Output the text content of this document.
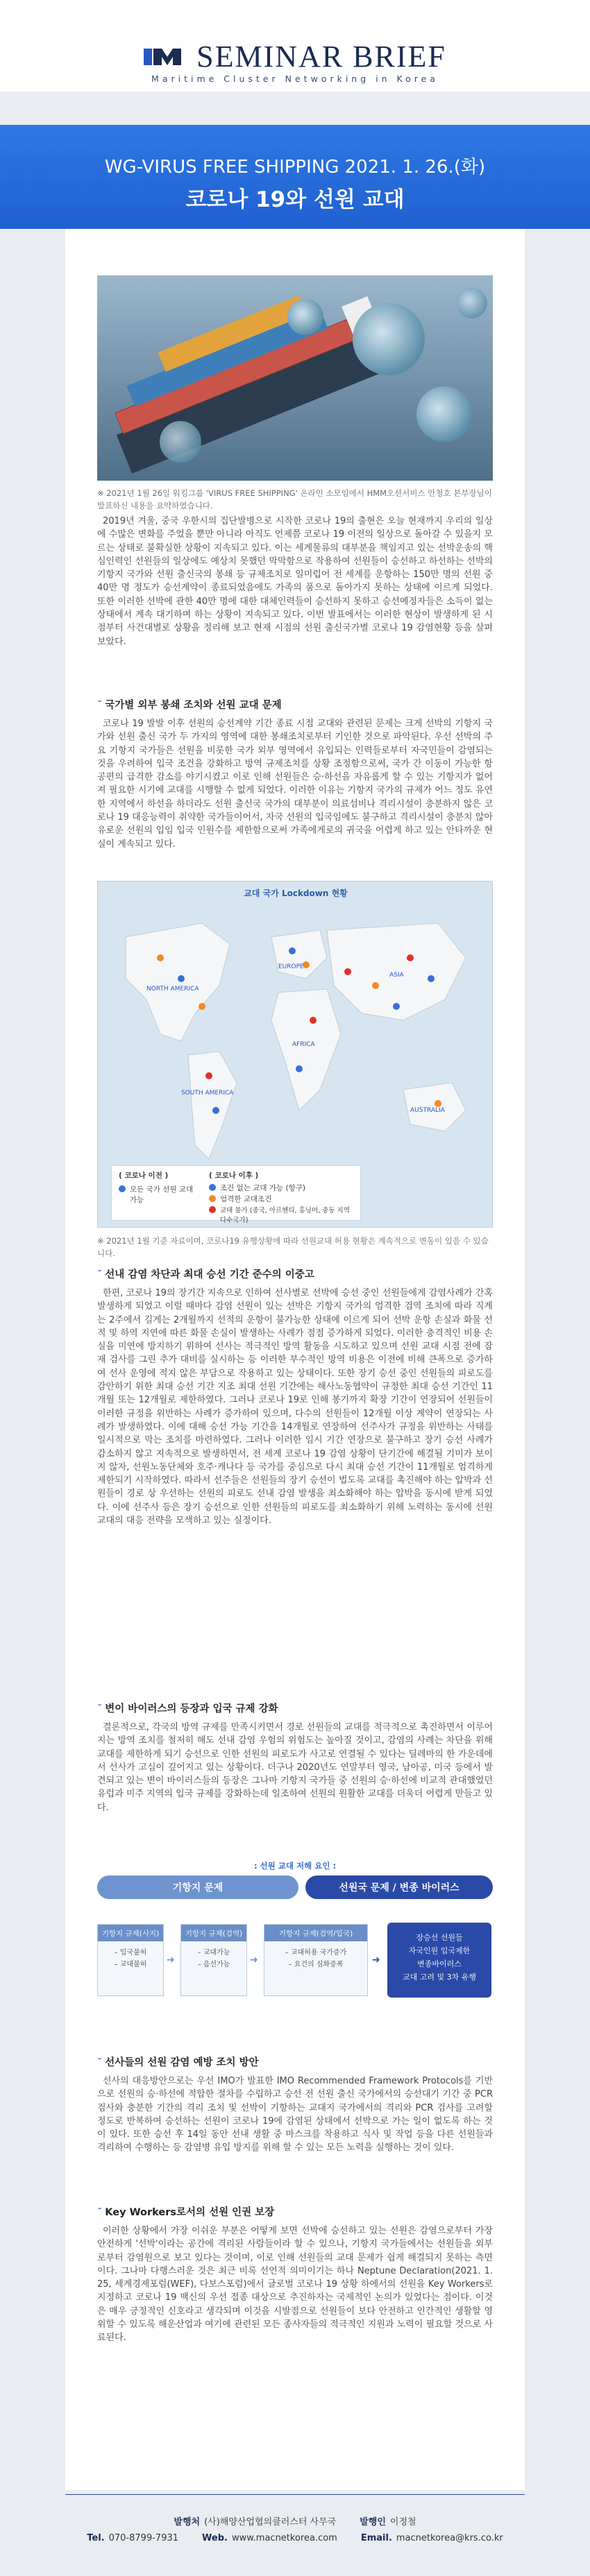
SEMINAR BRIEF
Maritime Cluster Networking in Korea
WG-VIRUS FREE SHIPPING 2021. 1. 26.(화)
코로나 19와 선원 교대
※ 2021년 1월 26일 워킹그룹 'VIRUS FREE SHIPPING' 온라인 소모임에서 HMM오션서비스 안청호 본부장님이 발표하신 내용을 요약하였습니다.

2019년 겨울, 중국 우한시의 집단발병으로 시작한 코로나 19의 출현은 오늘 현재까지 우리의 일상에 수많은 변화를 주었을 뿐만 아니라 아직도 언제쯤 코로나 19 이전의 일상으로 돌아갈 수 있을지 모르는 상태로 불확실한 상황이 지속되고 있다. 이는 세계물류의 대부분을 책임지고 있는 선박운송의 핵심인력인 선원들의 일상에도 예상치 못했던 막막함으로 작용하여 선원들이 승선하고 하선하는 선박의 기항지 국가와 선원 출신국의 봉쇄 등 규제조치로 일미럽어 전 세계를 운항하는 150만 명의 선원 중 40만 명 정도가 승선계약이 종료되었음에도 가족의 품으로 돌아가지 못하는 상태에 이르게 되었다. 또한 이러한 선박에 관한 40만 명에 대한 대체인력들이 승선하지 못하고 승선예정자들은 소득이 없는 상태에서 계속 대기하며 하는 상황이 지속되고 있다. 이번 발표에서는 이러한 현상이 발생하게 된 시점부터 사건대별로 상황을 정리해 보고 현재 시점의 선원 출신국가별 코로나 19 감염현황 등을 살펴보았다.

˘ 국가별 외부 봉쇄 조치와 선원 교대 문제

코로나 19 발발 이후 선원의 승선계약 기간 종료 시점 교대와 관련된 문제는 크게 선박의 기항지 국가와 선원 출신 국가 두 가지의 영역에 대한 봉쇄조치로부터 기인한 것으로 파악된다. 우선 선박의 주요 기항지 국가들은 선원을 비롯한 국가 외부 영역에서 유입되는 인력들로부터 자국민들이 감염되는 것을 우려하여 입국 조건을 강화하고 방역 규제조치를 상황 조정함으로써, 국가 간 이동이 가능한 항공편의 급격한 감소를 야기시켰고 이로 인해 선원들은 승·하선을 자유롭게 할 수 있는 기항지가 없어져 필요한 시기에 교대를 시행할 수 없게 되었다. 이러한 이유는 기항지 국가의 규제가 어느 정도 유연한 지역에서 하선을 하더라도 선원 출신국 국가의 대부분이 의료섬비나 격리시설이 충분하지 않은 코로나 19 대응능력이 취약한 국가들이어서, 자국 선원의 입국임에도 불구하고 격리시설이 충분치 않아 유로운 선원의 입임 입국 인원수를 제한함으로써 가족에게로의 귀국을 어렵게 하고 있는 안타까운 현실이 계속되고 있다.

교대 국가 Lockdown 현황
NORTH AMERICA
SOUTH AMERICA
EUROPE
AFRICA
ASIA
AUSTRALIA
( 코로나 이전 )
모든 국가 선원 교대가능
( 코로나 이후 )
조건 없는 교대 가능 (항구)
엄격한 교대조건
교대 불가 (중국, 아르헨티, 홍닝머, 중동 지역 다수국가)
※ 2021년 1월 기준 자료이며, 코로나19 유행상황에 따라 선원교대 허용 현황은 계속적으로 변동이 있을 수 있습니다.
˘ 선내 감염 차단과 최대 승선 기간 준수의 이중고

한편, 코로나 19의 장기간 지속으로 인하여 선사별로 선박에 승선 중인 선원들에게 감염사례가 간혹 발생하게 되었고 이럴 때마다 감염 선원이 있는 선박은 기항지 국가의 엄격한 검역 조치에 따라 직계는 2주에서 길게는 2개월까지 선적의 운항이 불가능한 상태에 이르게 되어 선박 운항 손실과 화물 선적 및 하역 지연에 따른 화물 손실이 발생하는 사례가 점점 증가하게 되었다. 이러한 충격적인 비용 손실을 미연에 방지하기 위하여 선사는 적극적인 방역 활동을 시도하고 있으며 선원 교대 시점 전에 잠재 검사를 그린 추가 대비를 실시하는 등 이러한 부수적인 방역 비용은 이전에 비해 큰폭으로 증가하여 선사 운영에 적지 않은 부담으로 작용하고 있는 상태이다. 또한 장기 승선 중인 선원들의 피로도를 감안하기 위한 최대 승선 기간 지조 최대 선원 기간에는 해사노동협약이 규정한 최대 승선 기간인 11개월 또는 12개월로 제한하였다. 그러나 코로나 19로 인해 봉기까지 확장 기간이 연장되어 선원들이 이러한 규정을 위반하는 사례가 증가하여 있으며, 다수의 선원들이 12개월 이상 계약이 연장되는 사례가 발생하였다. 이에 대해 승선 가능 기간을 14개월로 연장하여 선주사가 규정을 위반하는 사태를 일시적으로 막는 조치를 마련하였다. 그러나 이러한 임시 기간 연장으로 불구하고 장기 승선 사례가 감소하지 않고 지속적으로 발생하면서, 전 세계 코로나 19 감염 상황이 단기간에 해결될 기미가 보이지 않자, 선원노동단체와 호주·캐나다 등 국가를 중심으로 다시 최대 승선 기간이 11개월로 엄격하게 제한되기 시작하였다. 따라서 선주들은 선원들의 장기 승선이 법도록 교대를 촉진해야 하는 압박과 선원들이 경로 상 우선하는 선원의 피로도 선내 감염 발생을 최소화해야 하는 압박을 동시에 받게 되었다. 이에 선주사 등은 장기 승선으로 인한 선원들의 피로도를 최소화하기 위해 노력하는 동시에 선원 교대의 대응 전략을 모색하고 있는 실정이다.

˘ 변이 바이러스의 등장과 입국 규제 강화

결론적으로, 각국의 방역 규제를 만족시키면서 경로 선원들의 교대를 적극적으로 촉진하면서 이루어지는 방역 조치를 철저히 해도 선내 감염 우험의 위험도는 높아질 것이고, 감염의 사례는 차단을 위해 교대를 제한하게 되기 승선으로 인한 선원의 피로도가 사고로 연결될 수 있다는 딜레마의 한 가운데에서 선사가 고심이 깊어지고 있는 상황이다. 더구나 2020년도 연말부터 영국, 남아공, 미국 등에서 발견되고 있는 변이 바이러스들의 등장은 그나마 기항지 국가들 중 선원의 승·하선에 비교적 관대했었던 유럽과 미주 지역의 입국 규제를 강화하는데 일조하여 선원의 원활한 교대를 더욱더 어렵게 만들고 있다.

: 선원 교대 저해 요인 :
기항지 문제	선원국 문제 / 변종 바이러스
기항지 규제(사지)
– 입국불허
– 교대불허	➜
기항지 규제(검역)
– 교대가능
– 음선가능	➜
기항지 규제(검역/입국)
– 교대허용 국가증가
– 요건의 심화증폭	➜
장승선 선원들
자국인원 입국제한
변종바이러스
교대 고려 및 3차 유행
˘ 선사들의 선원 감염 예방 조치 방안

선사의 대응방안으로는 우선 IMO가 발표한 IMO Recommended Framework Protocols를 기반으로 선원의 승·하선에 적합한 절차를 수립하고 승선 전 선원 출신 국가에서의 승선대기 기간 중 PCR 검사와 충분한 기간의 격리 조치 및 선박이 기항하는 교대지 국가에서의 격리와 PCR 검사를 고려할 정도로 반복하여 승선하는 선원이 코로나 19에 감염된 상태에서 선박으로 가는 일이 없도록 하는 것이 있다. 또한 승선 후 14일 동안 선내 생활 중 마스크를 착용하고 식사 및 작업 등을 다른 선원들과 격리하여 수행하는 등 감염병 유입 방지를 위해 할 수 있는 모든 노력을 실행하는 것이 있다.

˘ Key Workers로서의 선원 인권 보장

이러한 상황에서 가장 이쉬운 부분은 어떻게 보면 선박에 승선하고 있는 선원은 감염으로부터 가장 안전하게 '선박'이라는 공간에 격리된 사람들이라 할 수 있으나, 기항지 국가들에서는 선원들을 외부로부터 감염원으로 보고 있다는 것이며, 이로 인해 선원들의 교대 문제가 쉽게 해결되지 못하는 측면이다. 그나마 다행스러운 것은 최근 비록 선언적 의미이기는 하나 Neptune Declaration(2021. 1. 25, 세계경제포럼(WEF), 다보스포럼)에서 글로벌 코로나 19 상황 하에서의 선원을 Key Workers로 지정하고 코로나 19 백신의 우선 접종 대상으로 추진하자는 국제적인 논의가 있었다는 점이다. 이것은 매우 긍정적인 신호라고 생각되며 이것을 시발점으로 선원들이 보다 안전하고 인간적인 생활할 영위할 수 있도록 해운산업과 여기에 관련된 모든 종사자들의 적극적인 지원과 노력이 필요할 것으로 사료된다.

발행처 (사)해양산업협의클러스터 사무국	발행인 이정철
Tel. 070-8799-7931	Web. www.macnetkorea.com	Email. macnetkorea@krs.co.kr
